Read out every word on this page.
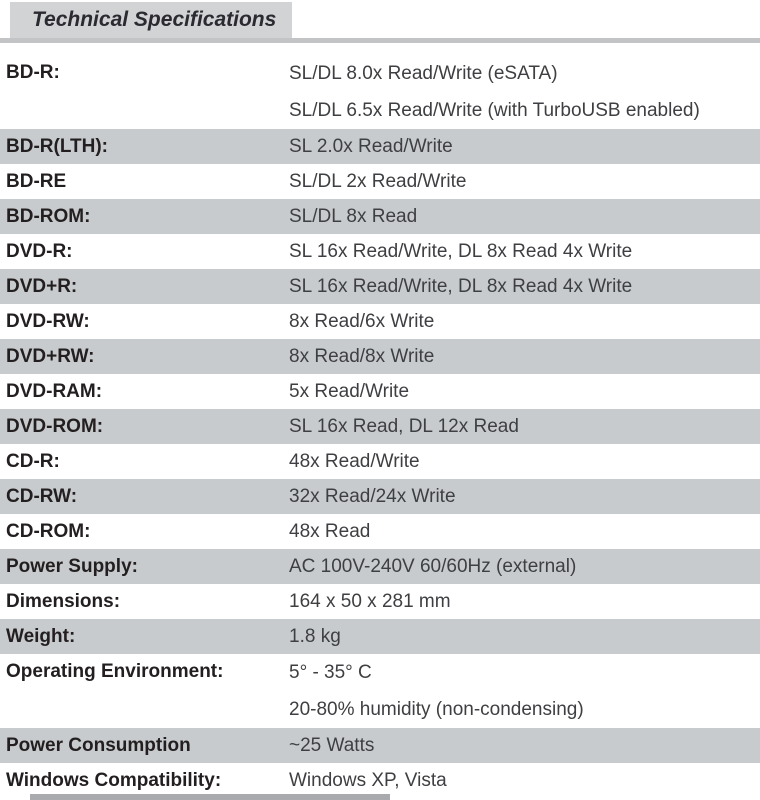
Technical Specifications
BD-R:	SL/DL 8.0x Read/Write (eSATA)
SL/DL 6.5x Read/Write (with TurboUSB enabled)
BD-R(LTH):	SL 2.0x Read/Write
BD-RE	SL/DL 2x Read/Write
BD-ROM:	SL/DL 8x Read
DVD-R:	SL 16x Read/Write, DL 8x Read 4x Write
DVD+R:	SL 16x Read/Write, DL 8x Read 4x Write
DVD-RW:	8x Read/6x Write
DVD+RW:	8x Read/8x Write
DVD-RAM:	5x Read/Write
DVD-ROM:	SL 16x Read, DL 12x Read
CD-R:	48x Read/Write
CD-RW:	32x Read/24x Write
CD-ROM:	48x Read
Power Supply:	AC 100V-240V 60/60Hz (external)
Dimensions:	164 x 50 x 281 mm
Weight:	1.8 kg
Operating Environment:	5° - 35° C
20-80% humidity (non-condensing)
Power Consumption	~25 Watts
Windows Compatibility:	Windows XP, Vista
